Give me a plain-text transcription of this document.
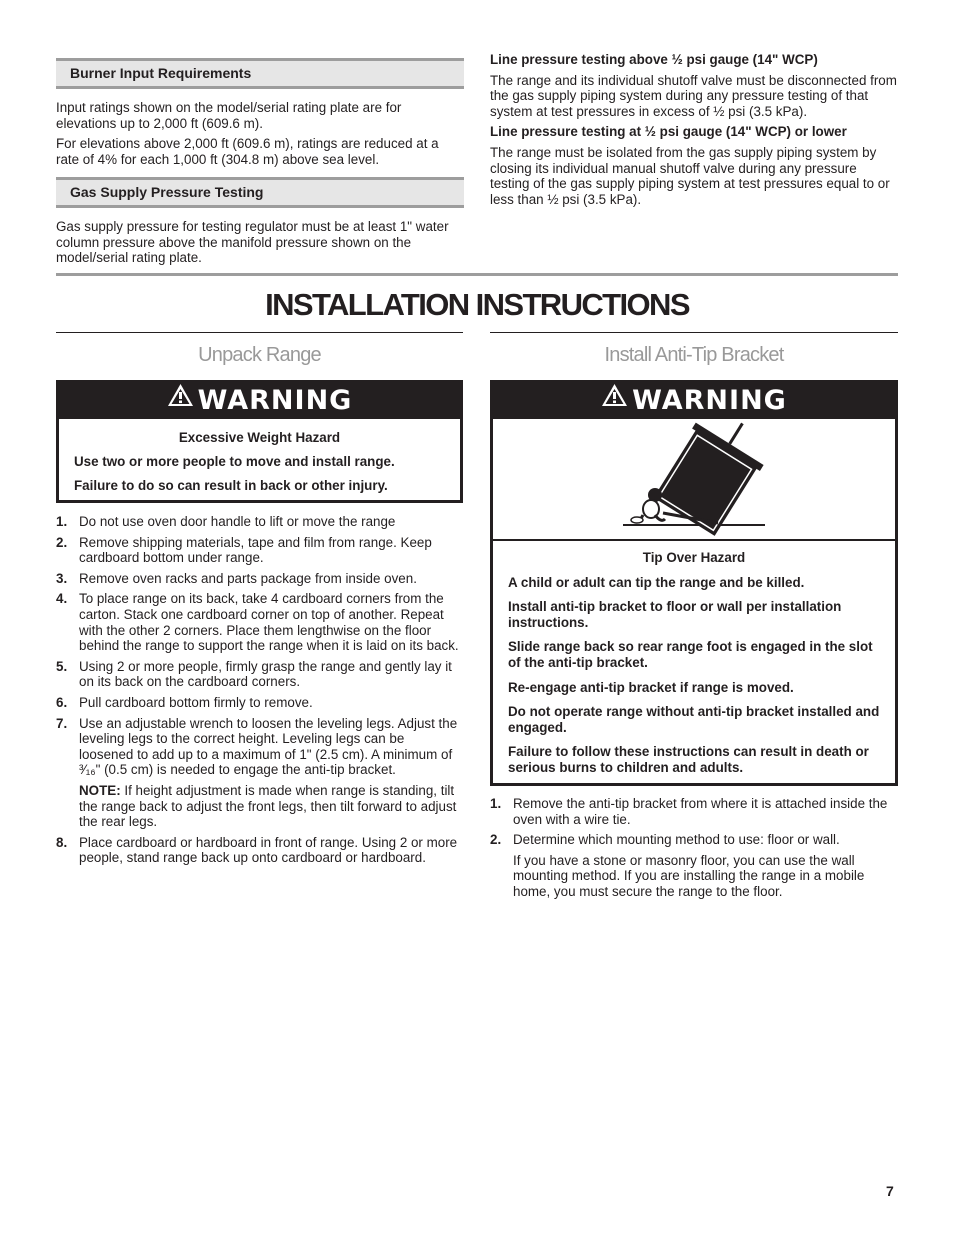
Burner Input Requirements

Input ratings shown on the model/serial rating plate are for elevations up to 2,000 ft (609.6 m).

For elevations above 2,000 ft (609.6 m), ratings are reduced at a rate of 4% for each 1,000 ft (304.8 m) above sea level.

Gas Supply Pressure Testing

Gas supply pressure for testing regulator must be at least 1" water column pressure above the manifold pressure shown on the model/serial rating plate.

Line pressure testing above ½ psi gauge (14" WCP)

The range and its individual shutoff valve must be disconnected from the gas supply piping system during any pressure testing of that system at test pressures in excess of ½ psi (3.5 kPa).

Line pressure testing at ½ psi gauge (14" WCP) or lower

The range must be isolated from the gas supply piping system by closing its individual manual shutoff valve during any pressure testing of the gas supply piping system at test pressures equal to or less than ½ psi (3.5 kPa).

INSTALLATION INSTRUCTIONS
Unpack Range	Install Anti-Tip Bracket
WARNING

Excessive Weight Hazard

Use two or more people to move and install range.

Failure to do so can result in back or other injury.

1. Do not use oven door handle to lift or move the range
2. Remove shipping materials, tape and film from range. Keep cardboard bottom under range.
3. Remove oven racks and parts package from inside oven.
4. To place range on its back, take 4 cardboard corners from the carton. Stack one cardboard corner on top of another. Repeat with the other 2 corners. Place them lengthwise on the floor behind the range to support the range when it is laid on its back.
5. Using 2 or more people, firmly grasp the range and gently lay it on its back on the cardboard corners.
6. Pull cardboard bottom firmly to remove.
7. Use an adjustable wrench to loosen the leveling legs. Adjust the leveling legs to the correct height. Leveling legs can be loosened to add up to a maximum of 1" (2.5 cm). A minimum of ³⁄₁₆" (0.5 cm) is needed to engage the anti-tip bracket.

NOTE: If height adjustment is made when range is standing, tilt the range back to adjust the front legs, then tilt forward to adjust the rear legs.

8. Place cardboard or hardboard in front of range. Using 2 or more people, stand range back up onto cardboard or hardboard.
WARNING

Tip Over Hazard

A child or adult can tip the range and be killed.

Install anti-tip bracket to floor or wall per installation instructions.

Slide range back so rear range foot is engaged in the slot of the anti-tip bracket.

Re-engage anti-tip bracket if range is moved.

Do not operate range without anti-tip bracket installed and engaged.

Failure to follow these instructions can result in death or serious burns to children and adults.

1. Remove the anti-tip bracket from where it is attached inside the oven with a wire tie.
2. Determine which mounting method to use: floor or wall.

If you have a stone or masonry floor, you can use the wall mounting method. If you are installing the range in a mobile home, you must secure the range to the floor.

7
